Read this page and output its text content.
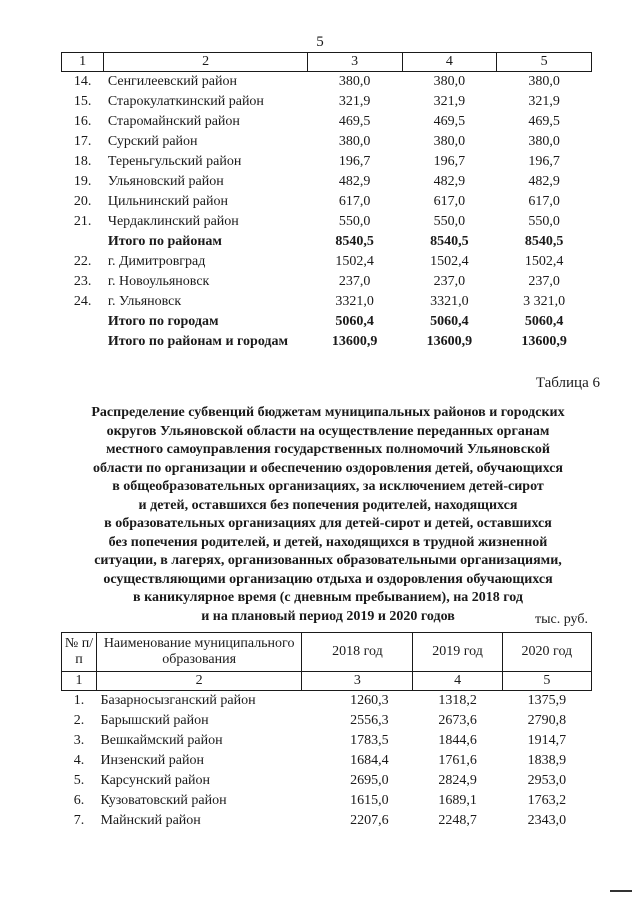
5
1	2	3	4	5
14.	Сенгилеевский район	380,0	380,0	380,0
15.	Старокулаткинский район	321,9	321,9	321,9
16.	Старомайнский район	469,5	469,5	469,5
17.	Сурский район	380,0	380,0	380,0
18.	Тереньгульский район	196,7	196,7	196,7
19.	Ульяновский район	482,9	482,9	482,9
20.	Цильнинский район	617,0	617,0	617,0
21.	Чердаклинский район	550,0	550,0	550,0
	Итого по районам	8540,5	8540,5	8540,5
22.	г. Димитровград	1502,4	1502,4	1502,4
23.	г. Новоульяновск	237,0	237,0	237,0
24.	г. Ульяновск	3321,0	3321,0	3 321,0
	Итого по городам	5060,4	5060,4	5060,4
	Итого по районам и городам	13600,9	13600,9	13600,9
Таблица 6
Распределение субвенций бюджетам муниципальных районов и городских
округов Ульяновской области на осуществление переданных органам
местного самоуправления государственных полномочий Ульяновской
области по организации и обеспечению оздоровления детей, обучающихся
в общеобразовательных организациях, за исключением детей-сирот
и детей, оставшихся без попечения родителей, находящихся
в образовательных организациях для детей-сирот и детей, оставшихся
без попечения родителей, и детей, находящихся в трудной жизненной
ситуации, в лагерях, организованных образовательными организациями,
осуществляющими организацию отдыха и оздоровления обучающихся
в каникулярное время (с дневным пребыванием), на 2018 год
и на плановый период 2019 и 2020 годов	тыс. руб.
№ п/п	Наименование муниципального образования	2018 год	2019 год	2020 год
1	2	3	4	5
1.	Базарносызганский район	1260,3	1318,2	1375,9
2.	Барышский район	2556,3	2673,6	2790,8
3.	Вешкаймский район	1783,5	1844,6	1914,7
4.	Инзенский район	1684,4	1761,6	1838,9
5.	Карсунский район	2695,0	2824,9	2953,0
6.	Кузоватовский район	1615,0	1689,1	1763,2
7.	Майнский район	2207,6	2248,7	2343,0
